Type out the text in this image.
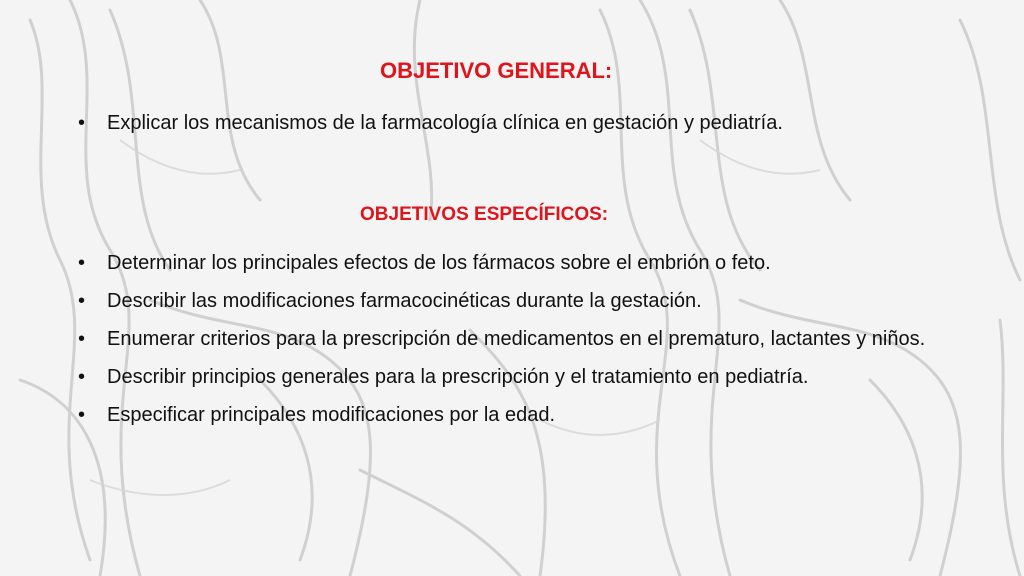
OBJETIVO GENERAL:
• Explicar los mecanismos de la farmacología clínica en gestación y pediatría.
OBJETIVOS ESPECÍFICOS:
• Determinar los principales efectos de los fármacos sobre el embrión o feto.
• Describir las modificaciones farmacocinéticas durante la gestación.
• Enumerar criterios para la prescripción de medicamentos en el prematuro, lactantes y niños.
• Describir principios generales para la prescripción y el tratamiento en pediatría.
• Especificar principales modificaciones por la edad.
